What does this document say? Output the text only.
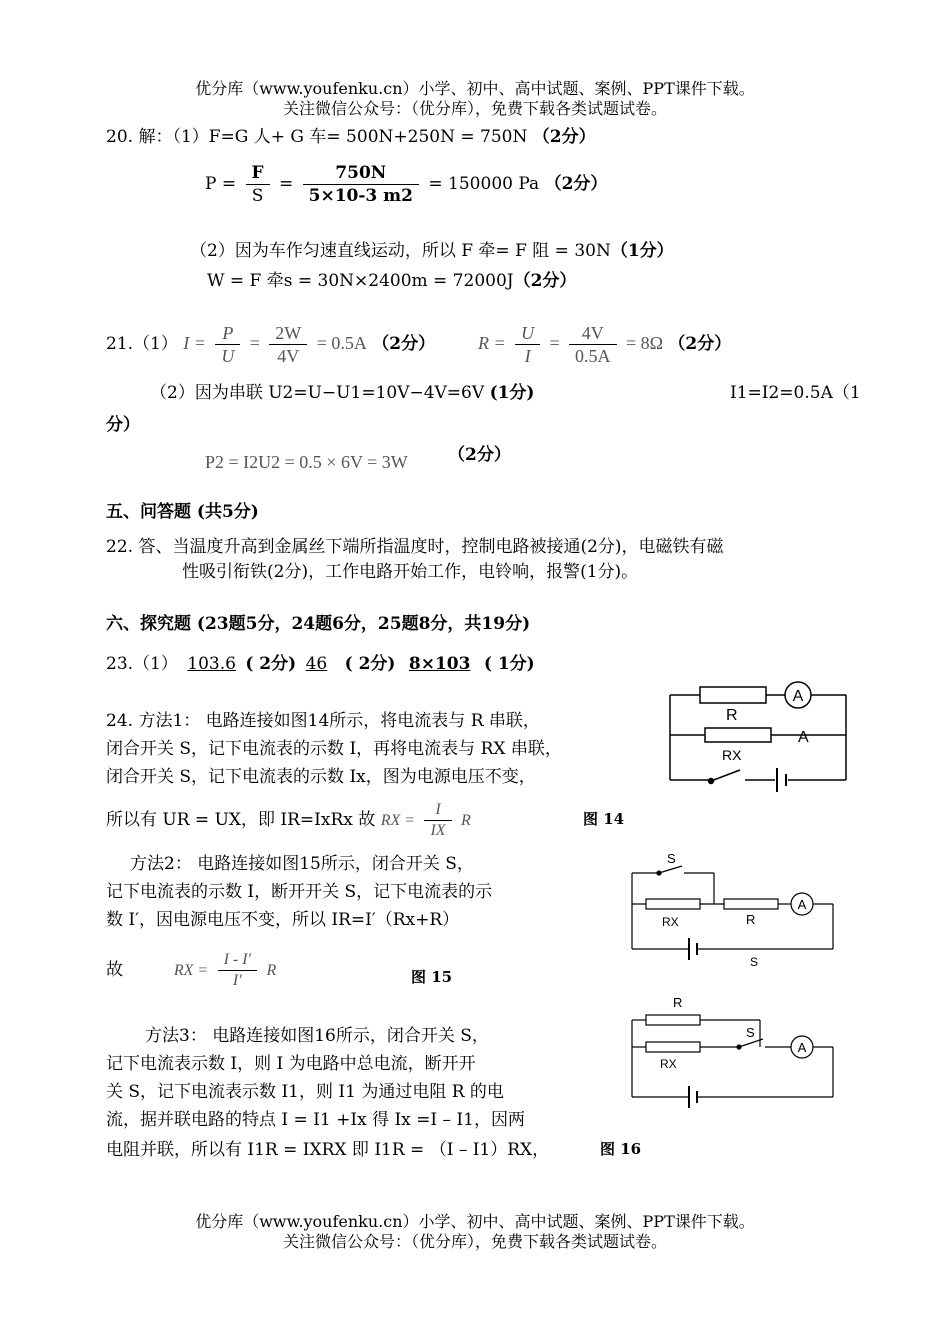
优分库（www.youfenku.cn）小学、初中、高中试题、案例、PPT课件下载。
关注微信公众号：（优分库），免费下载各类试题试卷。
20. 解：（1）F=G 人+ G 车= 500N+250N = 750N （2分）
$P = \frac{F}{S} = \frac{750N}{5\times 10-3 m2} = 150000$ Pa （2分）
（2）因为车作匀速直线运动，所以 F 牵= F 阻 = 30N（1分）
W = F 牵s = 30N×2400m = 72000J（2分）
21.（1） $I = \frac{P}{U} = \frac{2W}{4V} = 0.5A$ （2分） $R = \frac{U}{I} = \frac{4V}{0.5A} = 8\Omega$ （2分）
（2）因为串联 U2=U−U1=10V−4V=6V (1分)	I1=I2=0.5A（1
分）
P2 = I2U2 = 0.5 × 6V = 3W （2分）
五、问答题 (共5分)
22. 答、当温度升高到金属丝下端所指温度时，控制电路被接通(2分)，电磁铁有磁
性吸引衔铁(2分)，工作电路开始工作，电铃响，报警(1分)。
六、探究题 (23题5分，24题6分，25题8分，共19分)
23.（1） 103.6 ( 2分) 46 ( 2分) 8×103 ( 1分)
24. 方法1： 电路连接如图14所示，将电流表与 R 串联，
闭合开关 S，记下电流表的示数 I，再将电流表与 RX 串联，
闭合开关 S，记下电流表的示数 Ix，图为电源电压不变，
所以有 UR = UX，即 IR=IxRx 故 RX = $\frac{I}{IX}$ R	图 14
方法2： 电路连接如图15所示，闭合开关 S，
记下电流表的示数 I，断开开关 S，记下电流表的示
数 I′，因电源电压不变，所以 IR=I′（Rx+R）
故	RX = $\frac{I - I'}{I'}$ R	图 15
方法3： 电路连接如图16所示，闭合开关 S，
记下电流表示数 I，则 I 为电路中总电流，断开开
关 S，记下电流表示数 I1，则 I1 为通过电阻 R 的电
流，据并联电路的特点 I = I1 +Ix 得 Ix =I – I1，因两
电阻并联，所以有 I1R = IXRX 即 I1R = （I – I1）RX，	图 16
A
R
A
RX
S
RX	R
A
S
R
S
RX
A
优分库（www.youfenku.cn）小学、初中、高中试题、案例、PPT课件下载。
关注微信公众号：（优分库），免费下载各类试题试卷。
